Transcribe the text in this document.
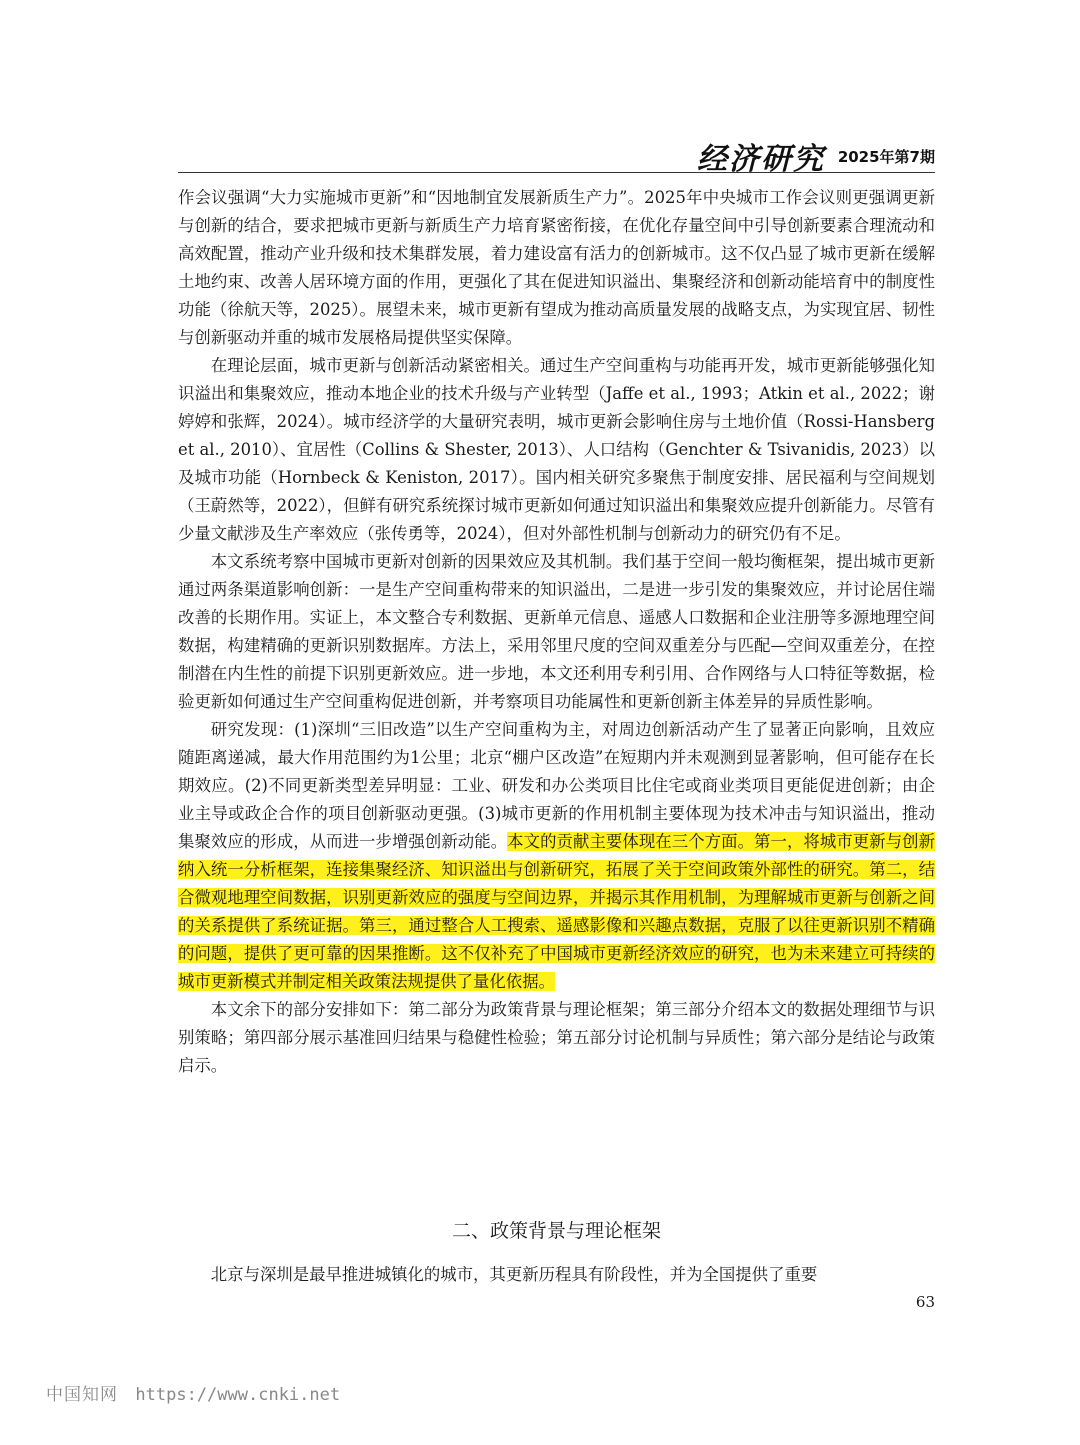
经济研究 2025年第7期

作会议强调“大力实施城市更新”和“因地制宜发展新质生产力”。2025年中央城市工作会议则更强调更新与创新的结合，要求把城市更新与新质生产力培育紧密衔接，在优化存量空间中引导创新要素合理流动和高效配置，推动产业升级和技术集群发展，着力建设富有活力的创新城市。这不仅凸显了城市更新在缓解土地约束、改善人居环境方面的作用，更强化了其在促进知识溢出、集聚经济和创新动能培育中的制度性功能（徐航天等，2025）。展望未来，城市更新有望成为推动高质量发展的战略支点，为实现宜居、韧性与创新驱动并重的城市发展格局提供坚实保障。

在理论层面，城市更新与创新活动紧密相关。通过生产空间重构与功能再开发，城市更新能够强化知识溢出和集聚效应，推动本地企业的技术升级与产业转型（Jaffe et al., 1993；Atkin et al., 2022；谢婷婷和张辉，2024）。城市经济学的大量研究表明，城市更新会影响住房与土地价值（Rossi-Hansberg et al., 2010）、宜居性（Collins & Shester, 2013）、人口结构（Genchter & Tsivanidis, 2023）以及城市功能（Hornbeck & Keniston, 2017）。国内相关研究多聚焦于制度安排、居民福利与空间规划（王蔚然等，2022），但鲜有研究系统探讨城市更新如何通过知识溢出和集聚效应提升创新能力。尽管有少量文献涉及生产率效应（张传勇等，2024），但对外部性机制与创新动力的研究仍有不足。

本文系统考察中国城市更新对创新的因果效应及其机制。我们基于空间一般均衡框架，提出城市更新通过两条渠道影响创新：一是生产空间重构带来的知识溢出，二是进一步引发的集聚效应，并讨论居住端改善的长期作用。实证上，本文整合专利数据、更新单元信息、遥感人口数据和企业注册等多源地理空间数据，构建精确的更新识别数据库。方法上，采用邻里尺度的空间双重差分与匹配—空间双重差分，在控制潜在内生性的前提下识别更新效应。进一步地，本文还利用专利引用、合作网络与人口特征等数据，检验更新如何通过生产空间重构促进创新，并考察项目功能属性和更新创新主体差异的异质性影响。

研究发现：(1)深圳“三旧改造”以生产空间重构为主，对周边创新活动产生了显著正向影响，且效应随距离递减，最大作用范围约为1公里；北京“棚户区改造”在短期内并未观测到显著影响，但可能存在长期效应。(2)不同更新类型差异明显：工业、研发和办公类项目比住宅或商业类项目更能促进创新；由企业主导或政企合作的项目创新驱动更强。(3)城市更新的作用机制主要体现为技术冲击与知识溢出，推动集聚效应的形成，从而进一步增强创新动能。本文的贡献主要体现在三个方面。第一，将城市更新与创新纳入统一分析框架，连接集聚经济、知识溢出与创新研究，拓展了关于空间政策外部性的研究。第二，结合微观地理空间数据，识别更新效应的强度与空间边界，并揭示其作用机制，为理解城市更新与创新之间的关系提供了系统证据。第三，通过整合人工搜索、遥感影像和兴趣点数据，克服了以往更新识别不精确的问题，提供了更可靠的因果推断。这不仅补充了中国城市更新经济效应的研究，也为未来建立可持续的城市更新模式并制定相关政策法规提供了量化依据。

本文余下的部分安排如下：第二部分为政策背景与理论框架；第三部分介绍本文的数据处理细节与识别策略；第四部分展示基准回归结果与稳健性检验；第五部分讨论机制与异质性；第六部分是结论与政策启示。

二、政策背景与理论框架

北京与深圳是最早推进城镇化的城市，其更新历程具有阶段性，并为全国提供了重要

63
中国知网 https://www.cnki.net
